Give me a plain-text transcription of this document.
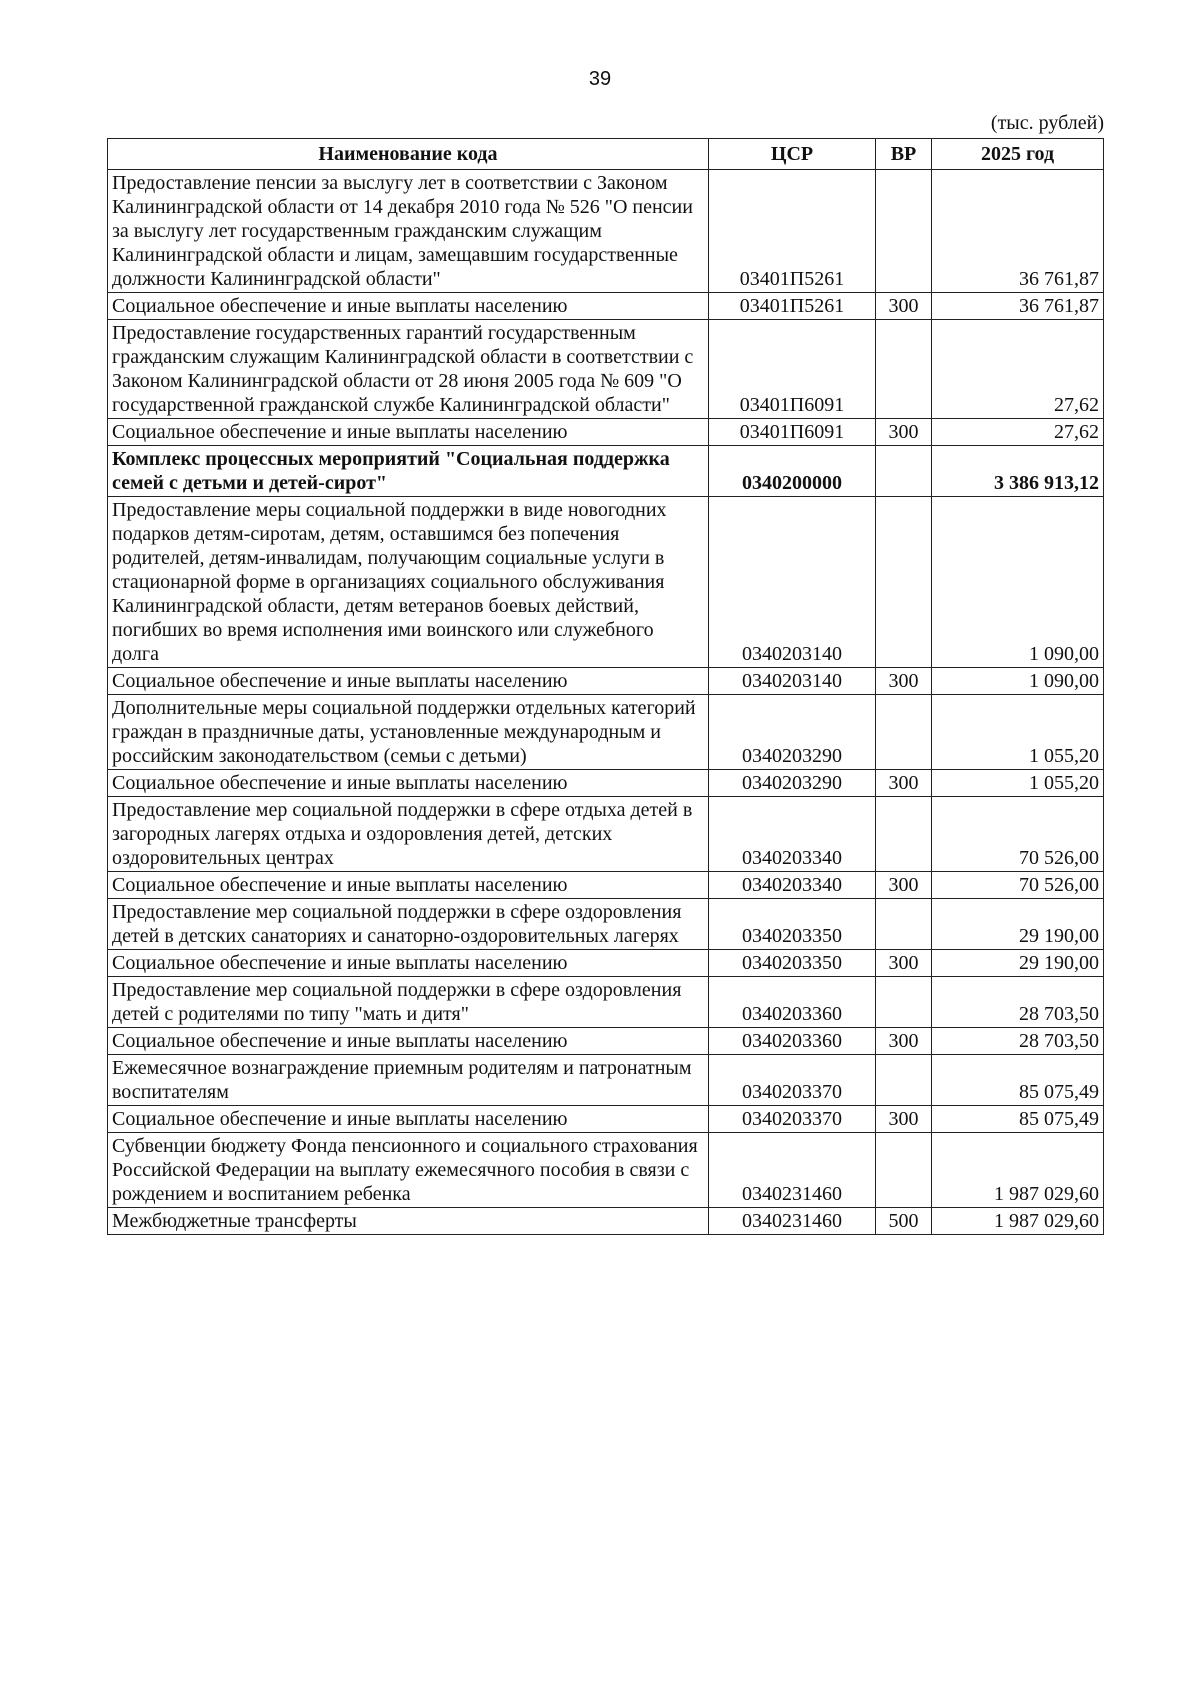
39
(тыс. рублей)
Наименование кода	ЦСР	ВР	2025 год
Предоставление пенсии за выслугу лет в соответствии с Законом Калининградской области от 14 декабря 2010 года № 526 "О пенсии за выслугу лет государственным гражданским служащим Калининградской области и лицам, замещавшим государственные должности Калининградской области"	03401П5261		36 761,87
Социальное обеспечение и иные выплаты населению	03401П5261	300	36 761,87
Предоставление государственных гарантий государственным гражданским служащим Калининградской области в соответствии с Законом Калининградской области от 28 июня 2005 года № 609 "О государственной гражданской службе Калининградской области"	03401П6091		27,62
Социальное обеспечение и иные выплаты населению	03401П6091	300	27,62
Комплекс процессных мероприятий "Социальная поддержка семей с детьми и детей-сирот"	0340200000		3 386 913,12
Предоставление меры социальной поддержки в виде новогодних подарков детям-сиротам, детям, оставшимся без попечения родителей, детям-инвалидам, получающим социальные услуги в стационарной форме в организациях социального обслуживания Калининградской области, детям ветеранов боевых действий, погибших во время исполнения ими воинского или служебного долга	0340203140		1 090,00
Социальное обеспечение и иные выплаты населению	0340203140	300	1 090,00
Дополнительные меры социальной поддержки отдельных категорий граждан в праздничные даты, установленные международным и российским законодательством (семьи с детьми)	0340203290		1 055,20
Социальное обеспечение и иные выплаты населению	0340203290	300	1 055,20
Предоставление мер социальной поддержки в сфере отдыха детей в загородных лагерях отдыха и оздоровления детей, детских оздоровительных центрах	0340203340		70 526,00
Социальное обеспечение и иные выплаты населению	0340203340	300	70 526,00
Предоставление мер социальной поддержки в сфере оздоровления детей в детских санаториях и санаторно-оздоровительных лагерях	0340203350		29 190,00
Социальное обеспечение и иные выплаты населению	0340203350	300	29 190,00
Предоставление мер социальной поддержки в сфере оздоровления детей с родителями по типу "мать и дитя"	0340203360		28 703,50
Социальное обеспечение и иные выплаты населению	0340203360	300	28 703,50
Ежемесячное вознаграждение приемным родителям и патронатным воспитателям	0340203370		85 075,49
Социальное обеспечение и иные выплаты населению	0340203370	300	85 075,49
Субвенции бюджету Фонда пенсионного и социального страхования Российской Федерации на выплату ежемесячного пособия в связи с рождением и воспитанием ребенка	0340231460		1 987 029,60
Межбюджетные трансферты	0340231460	500	1 987 029,60
